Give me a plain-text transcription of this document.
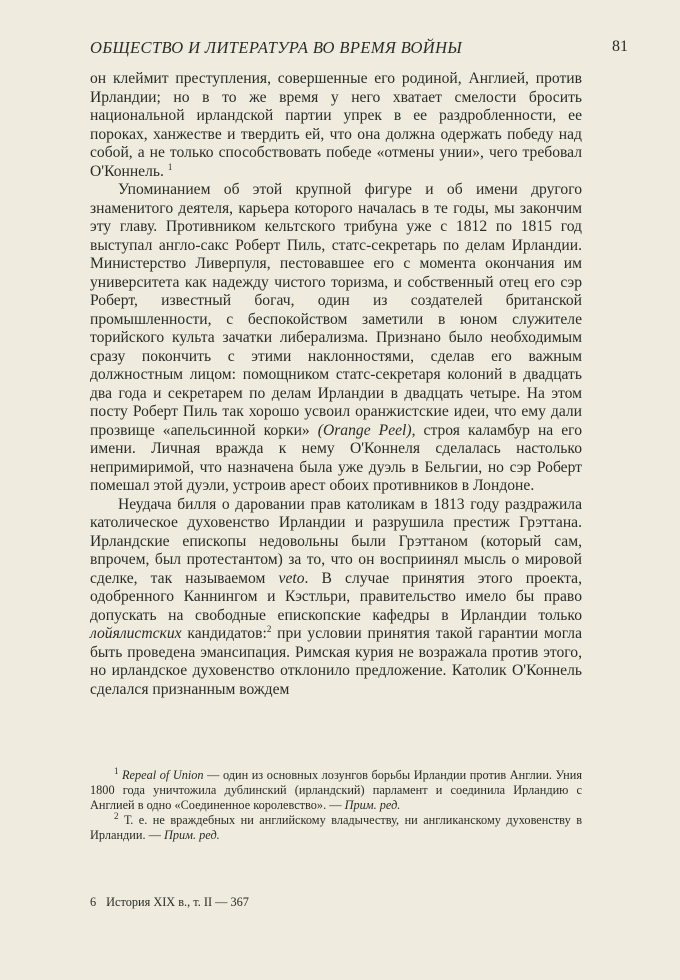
ОБЩЕСТВО И ЛИТЕРАТУРА ВО ВРЕМЯ ВОЙНЫ	81

он клеймит преступления, совершенные его родиной, Англией, против Ирландии; но в то же время у него хватает смелости бросить национальной ирландской партии упрек в ее раздробленности, ее пороках, ханжестве и твердить ей, что она должна одержать победу над собой, а не только способствовать победе «отмены унии», чего требовал О'Коннель. $^1$

Упоминанием об этой крупной фигуре и об имени другого знаменитого деятеля, карьера которого началась в те годы, мы закончим эту главу. Противником кельтского трибуна уже с 1812 по 1815 год выступал англо-сакс Роберт Пиль, статс-секретарь по делам Ирландии. Министерство Ливерпуля, пестовавшее его с момента окончания им университета как надежду чистого торизма, и собственный отец его сэр Роберт, известный богач, один из создателей британской промышленности, с беспокойством заметили в юном служителе торийского культа зачатки либерализма. Признано было необходимым сразу покончить с этими наклонностями, сделав его важным должностным лицом: помощником статс-секретаря колоний в двадцать два года и секретарем по делам Ирландии в двадцать четыре. На этом посту Роберт Пиль так хорошо усвоил оранжистские идеи, что ему дали прозвище «апельсинной корки» (Orange Peel), строя каламбур на его имени. Личная вражда к нему О'Коннеля сделалась настолько непримиримой, что назначена была уже дуэль в Бельгии, но сэр Роберт помешал этой дуэли, устроив арест обоих противников в Лондоне.

Неудача билля о даровании прав католикам в 1813 году раздражила католическое духовенство Ирландии и разрушила престиж Грэттана. Ирландские епископы недовольны были Грэттаном (который сам, впрочем, был протестантом) за то, что он восприинял мысль о мировой сделке, так называемом veto. В случае принятия этого проекта, одобренного Каннингом и Кэстльри, правительство имело бы право допускать на свободные епископские кафедры в Ирландии только лойялистских кандидатов:$^2$ при условии принятия такой гарантии могла быть проведена эмансипация. Римская курия не возражала против этого, но ирландское духовенство отклонило предложение. Католик О'Коннель сделался признанным вождем

$^1$ Repeal of Union — один из основных лозунгов борьбы Ирландии против Англии. Уния 1800 года уничтожила дублинский (ирландский) парламент и соединила Ирландию с Англией в одно «Соединенное королевство». — Прим. ред.

$^2$ Т. е. не враждебных ни английскому владычеству, ни англиканскому духовенству в Ирландии. — Прим. ред.

6 История XIX в., т. II — 367
